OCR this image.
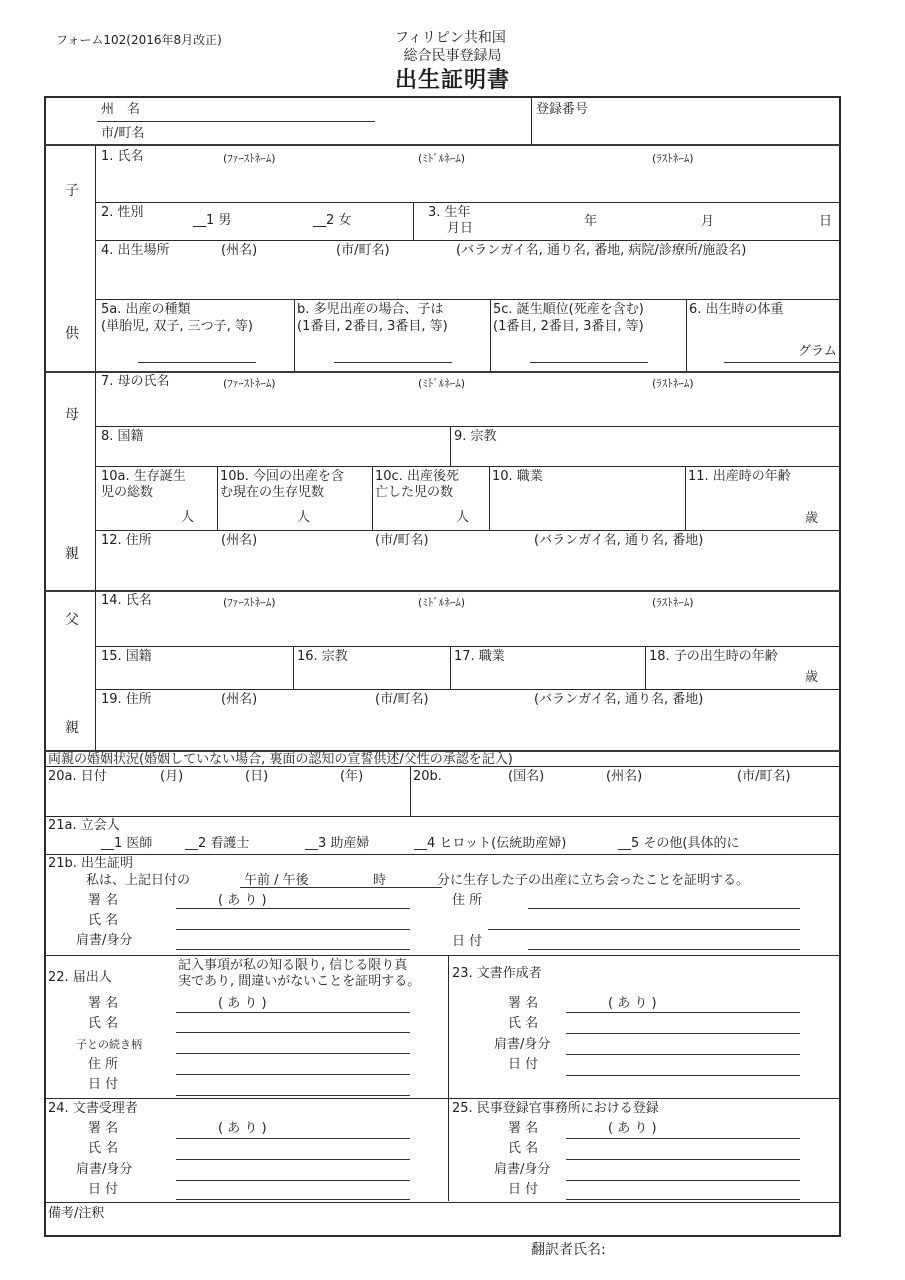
フォーム102(2016年8月改正)	フィリピン共和国
総合民事登録局
出生証明書
州　名
市/町名
登録番号
子
供
母
親
父
親
1. 氏名	(ﾌｧｰｽﾄﾈｰﾑ)	(ﾐﾄﾞﾙﾈｰﾑ)	(ﾗｽﾄﾈｰﾑ)
2. 性別
__1 男	__2 女
3. 生年
月日	年	月	日
4. 出生場所	(州名)	(市/町名)	(バランガイ名, 通り名, 番地, 病院/診療所/施設名)
5a. 出産の種類
(単胎児, 双子, 三つ子, 等)
b. 多児出産の場合、子は
(1番目, 2番目, 3番目, 等)
5c. 誕生順位(死産を含む)
(1番目, 2番目, 3番目, 等)
6. 出生時の体重
グラム
7. 母の氏名	(ﾌｧｰｽﾄﾈｰﾑ)	(ﾐﾄﾞﾙﾈｰﾑ)	(ﾗｽﾄﾈｰﾑ)
8. 国籍	9. 宗教
10a. 生存誕生
児の総数
人
10b. 今回の出産を含
む現在の生存児数
人
10c. 出産後死
亡した児の数
人
10. 職業	11. 出産時の年齢
歳
12. 住所	(州名)	(市/町名)	(バランガイ名, 通り名, 番地)
14. 氏名	(ﾌｧｰｽﾄﾈｰﾑ)	(ﾐﾄﾞﾙﾈｰﾑ)	(ﾗｽﾄﾈｰﾑ)
15. 国籍	16. 宗教	17. 職業	18. 子の出生時の年齢
歳
19. 住所	(州名)	(市/町名)	(バランガイ名, 通り名, 番地)
両親の婚姻状況(婚姻していない場合, 裏面の認知の宣誓供述/父性の承認を記入)
20a. 日付	(月)	(日)	(年)	20b.	(国名)	(州名)	(市/町名)
21a. 立会人
__1 医師	__2 看護士	__3 助産婦	__4 ヒロット(伝統助産婦)	__5 その他(具体的に
21b. 出生証明
私は、上記日付の	午前 / 午後	時	分に生存した子の出産に立ち会ったことを証明する。
署 名	( あ り )
氏 名
肩書/身分
住 所
日 付
22. 届出人
記入事項が私の知る限り, 信じる限り真
実であり, 間違いがないことを証明する。
署 名	( あ り )
氏 名
子との続き柄
住 所
日 付
23. 文書作成者
署 名	( あ り )
氏 名
肩書/身分
日 付
24. 文書受理者
署 名	( あ り )
氏 名
肩書/身分
日 付
25. 民事登録官事務所における登録
署 名	( あ り )
氏 名
肩書/身分
日 付
備考/注釈
翻訳者氏名:
